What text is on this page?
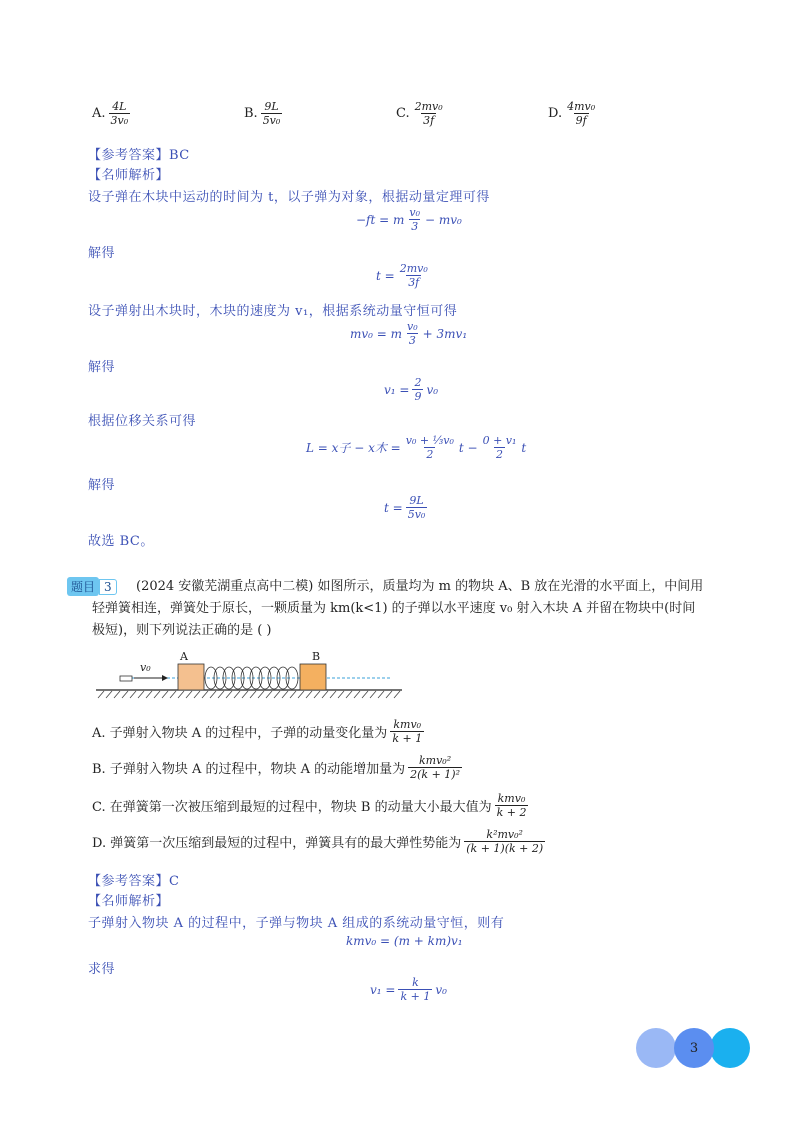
A. $\frac{4L}{\text{3v₀}}$	B. $\frac{9L}{\text{5v₀}}$	C. $\frac{\text{2mv₀}}{3f}$	D. $\frac{\text{4mv₀}}{9f}$
【参考答案】BC
【名师解析】
设子弹在木块中运动的时间为 t，以子弹为对象，根据动量定理可得
−ft = m $\frac{\text{v₀}}{3} - mv_0$
解得
$t = \frac{\text{2mv₀}}{3f}$
设子弹射出木块时，木块的速度为 v₁，根据系统动量守恒可得
mv₀ = m $\frac{\text{v₀}}{3} + 3mv_1$
解得
$v_1 = \frac{2}{9} v_0$
根据位移关系可得
L = x子 − x木 = $\frac{\text{v₀ + ⅓v₀}}{2}$ $t - \frac{\text{0 + v₁}}{2}$ t
解得
$t = \frac{9L}{\text{5v₀}}$
故选 BC。
题目 3	(2024 安徽芜湖重点高中二模) 如图所示，质量均为 m 的物块 A、B 放在光滑的水平面上，中间用
轻弹簧相连，弹簧处于原长，一颗质量为 km(k<1) 的子弹以水平速度 v₀ 射入木块 A 并留在物块中(时间
极短)，则下列说法正确的是 ( )
v₀
A	B
A. 子弹射入物块 A 的过程中，子弹的动量变化量为 $\frac{\text{kmv₀}}{k + 1}$
B. 子弹射入物块 A 的过程中，物块 A 的动能增加量为 $\frac{\text{kmv₀²}}{\text{2(k + 1)²}}$
C. 在弹簧第一次被压缩到最短的过程中，物块 B 的动量大小最大值为 $\frac{\text{kmv₀}}{k + 2}$
D. 弹簧第一次压缩到最短的过程中，弹簧具有的最大弹性势能为 $\frac{\text{k²mv₀²}}{(k + 1)(k + 2)}$
【参考答案】C
【名师解析】
子弹射入物块 A 的过程中，子弹与物块 A 组成的系统动量守恒，则有
kmv₀ = (m + km)v₁
求得
$v_1 = \frac{k}{k + 1} v_0$
3
